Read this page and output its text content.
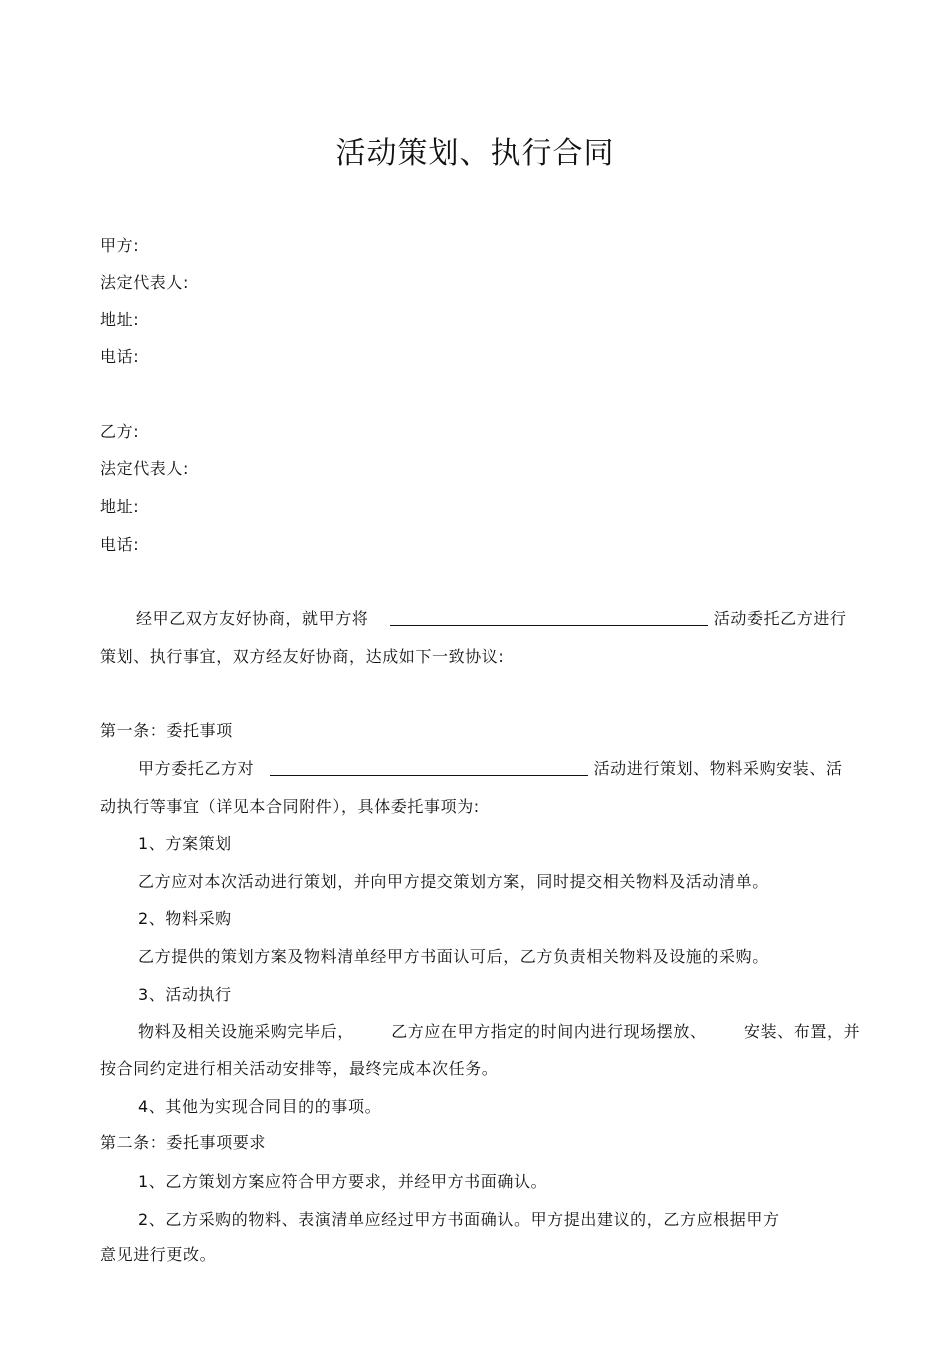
活动策划、执行合同
甲方:
法定代表人:
地址:
电话:
乙方:
法定代表人:
地址:
电话:
经甲乙双方友好协商，就甲方将	活动委托乙方进行
策划、执行事宜，双方经友好协商，达成如下一致协议:
第一条：委托事项
甲方委托乙方对	活动进行策划、物料采购安装、活
动执行等事宜（详见本合同附件），具体委托事项为:
1、方案策划
乙方应对本次活动进行策划，并向甲方提交策划方案，同时提交相关物料及活动清单。
2、物料采购
乙方提供的策划方案及物料清单经甲方书面认可后，乙方负责相关物料及设施的采购。
3、活动执行
物料及相关设施采购完毕后， 乙方应在甲方指定的时间内进行现场摆放、 安装、布置，并
按合同约定进行相关活动安排等，最终完成本次任务。
4、其他为实现合同目的的事项。
第二条：委托事项要求
1、乙方策划方案应符合甲方要求，并经甲方书面确认。
2、乙方采购的物料、表演清单应经过甲方书面确认。甲方提出建议的，乙方应根据甲方
意见进行更改。
